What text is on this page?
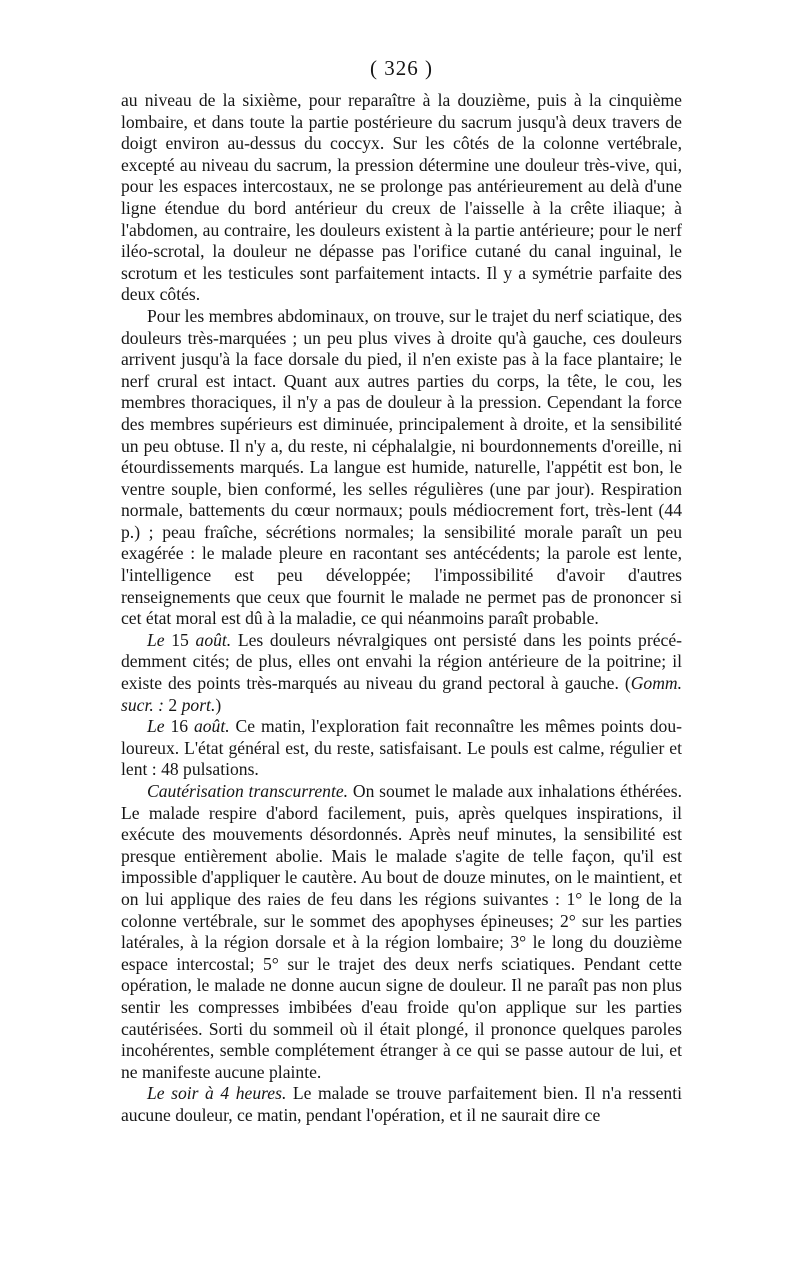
( 326 )

au niveau de la sixième, pour reparaître à la douzième, puis à la cinquième lombaire, et dans toute la partie postérieure du sacrum jusqu'à deux travers de doigt environ au-dessus du coccyx. Sur les côtés de la colonne vertébrale, excepté au niveau du sacrum, la pression détermine une douleur très-vive, qui, pour les espaces intercostaux, ne se prolonge pas antérieurement au delà d'une ligne étendue du bord antérieur du creux de l'aisselle à la crête iliaque; à l'abdomen, au contraire, les douleurs existent à la partie antérieure; pour le nerf iléo-scrotal, la douleur ne dépasse pas l'orifice cutané du canal inguinal, le scrotum et les testicules sont parfaitement intacts. Il y a symétrie parfaite des deux côtés.

Pour les membres abdominaux, on trouve, sur le trajet du nerf sciatique, des douleurs très-marquées ; un peu plus vives à droite qu'à gauche, ces douleurs arrivent jusqu'à la face dorsale du pied, il n'en existe pas à la face plantaire; le nerf crural est intact. Quant aux autres parties du corps, la tête, le cou, les membres thoraciques, il n'y a pas de douleur à la pression. Cependant la force des membres supérieurs est diminuée, principalement à droite, et la sensibilité un peu obtuse. Il n'y a, du reste, ni céphalalgie, ni bourdonnements d'oreille, ni étourdissements marqués. La langue est humide, naturelle, l'appétit est bon, le ventre souple, bien conformé, les selles régulières (une par jour). Respiration normale, battements du cœur normaux; pouls médiocrement fort, très-lent (44 p.) ; peau fraîche, sécrétions normales; la sensibilité morale paraît un peu exagérée : le malade pleure en racontant ses antécédents; la parole est lente, l'intelligence est peu développée; l'impossibilité d'avoir d'autres renseignements que ceux que fournit le malade ne permet pas de prononcer si cet état moral est dû à la maladie, ce qui néanmoins paraît probable.

Le 15 août. Les douleurs névralgiques ont persisté dans les points précédemment cités; de plus, elles ont envahi la région antérieure de la poitrine; il existe des points très-marqués au niveau du grand pectoral à gauche. (Gomm. sucr. : 2 port.)

Le 16 août. Ce matin, l'exploration fait reconnaître les mêmes points douloureux. L'état général est, du reste, satisfaisant. Le pouls est calme, régulier et lent : 48 pulsations.

Cautérisation transcurrente. On soumet le malade aux inhalations éthérées. Le malade respire d'abord facilement, puis, après quelques inspirations, il exécute des mouvements désordonnés. Après neuf minutes, la sensibilité est presque entièrement abolie. Mais le malade s'agite de telle façon, qu'il est impossible d'appliquer le cautère. Au bout de douze minutes, on le maintient, et on lui applique des raies de feu dans les régions suivantes : 1° le long de la colonne vertébrale, sur le sommet des apophyses épineuses; 2° sur les parties latérales, à la région dorsale et à la région lombaire; 3° le long du douzième espace intercostal; 5° sur le trajet des deux nerfs sciatiques. Pendant cette opération, le malade ne donne aucun signe de douleur. Il ne paraît pas non plus sentir les compresses imbibées d'eau froide qu'on applique sur les parties cautérisées. Sorti du sommeil où il était plongé, il prononce quelques paroles incohérentes, semble complétement étranger à ce qui se passe autour de lui, et ne manifeste aucune plainte.

Le soir à 4 heures. Le malade se trouve parfaitement bien. Il n'a ressenti aucune douleur, ce matin, pendant l'opération, et il ne saurait dire ce
